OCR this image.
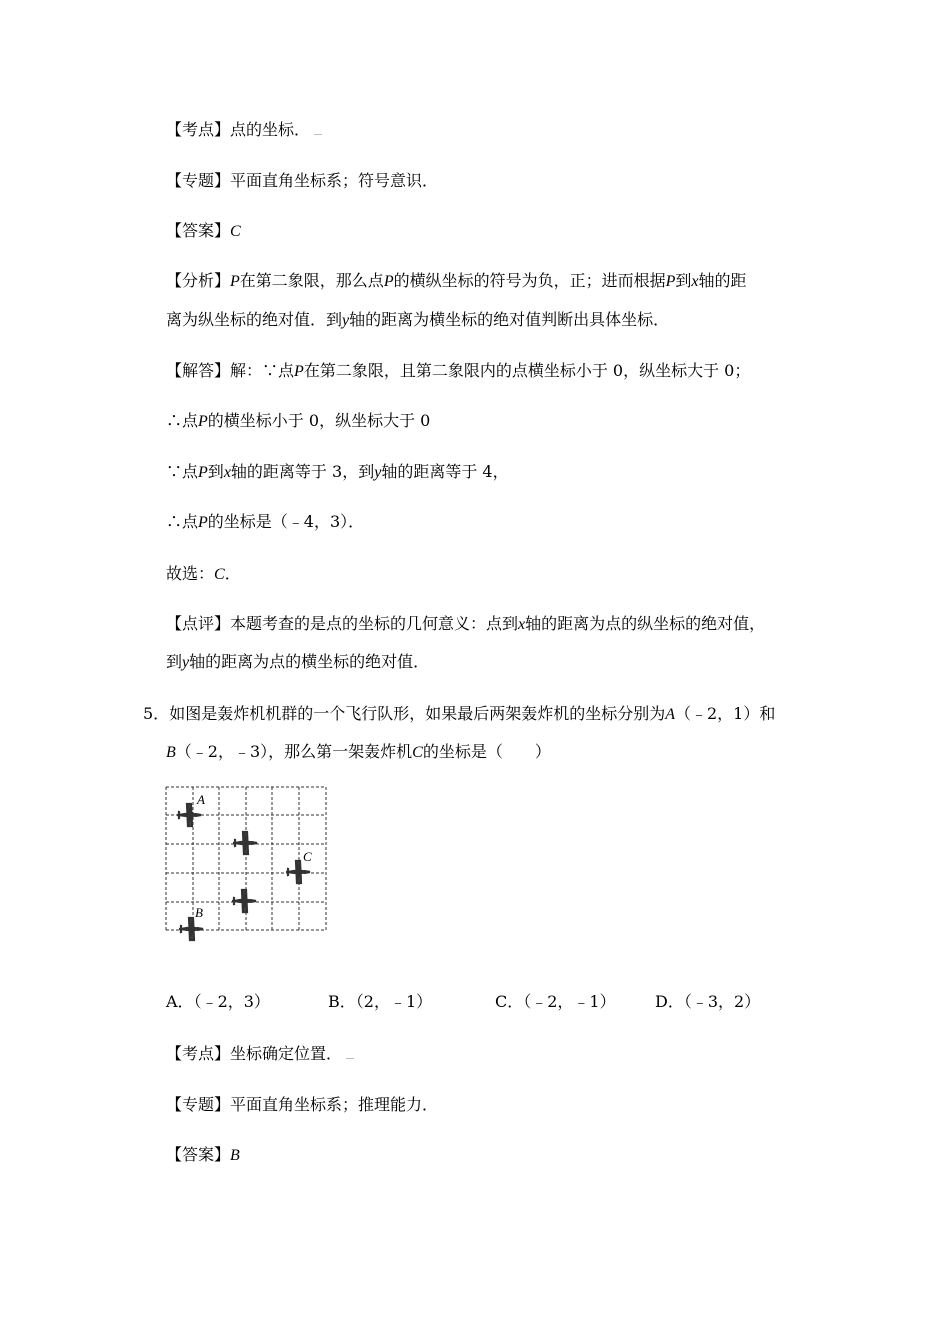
【考点】点的坐标．
【专题】平面直角坐标系；符号意识．
【答案】C
【分析】P在第二象限，那么点P的横纵坐标的符号为负，正；进而根据P到x轴的距
离为纵坐标的绝对值．到y轴的距离为横坐标的绝对值判断出具体坐标．
【解答】解：∵点P在第二象限，且第二象限内的点横坐标小于 0，纵坐标大于 0；
∴点P的横坐标小于 0，纵坐标大于 0
∵点P到x轴的距离等于 3，到y轴的距离等于 4，
∴点P的坐标是（﹣4，3）．
故选：C．
【点评】本题考查的是点的坐标的几何意义：点到x轴的距离为点的纵坐标的绝对值，
到y轴的距离为点的横坐标的绝对值．
5．如图是轰炸机机群的一个飞行队形，如果最后两架轰炸机的坐标分别为A（﹣2，1）和
B（﹣2，﹣3），那么第一架轰炸机C的坐标是（　　）
A
B
C
A．（﹣2，3）	B．（2，﹣1）	C．（﹣2，﹣1） D．（﹣3，2）
【考点】坐标确定位置．
【专题】平面直角坐标系；推理能力．
【答案】B
